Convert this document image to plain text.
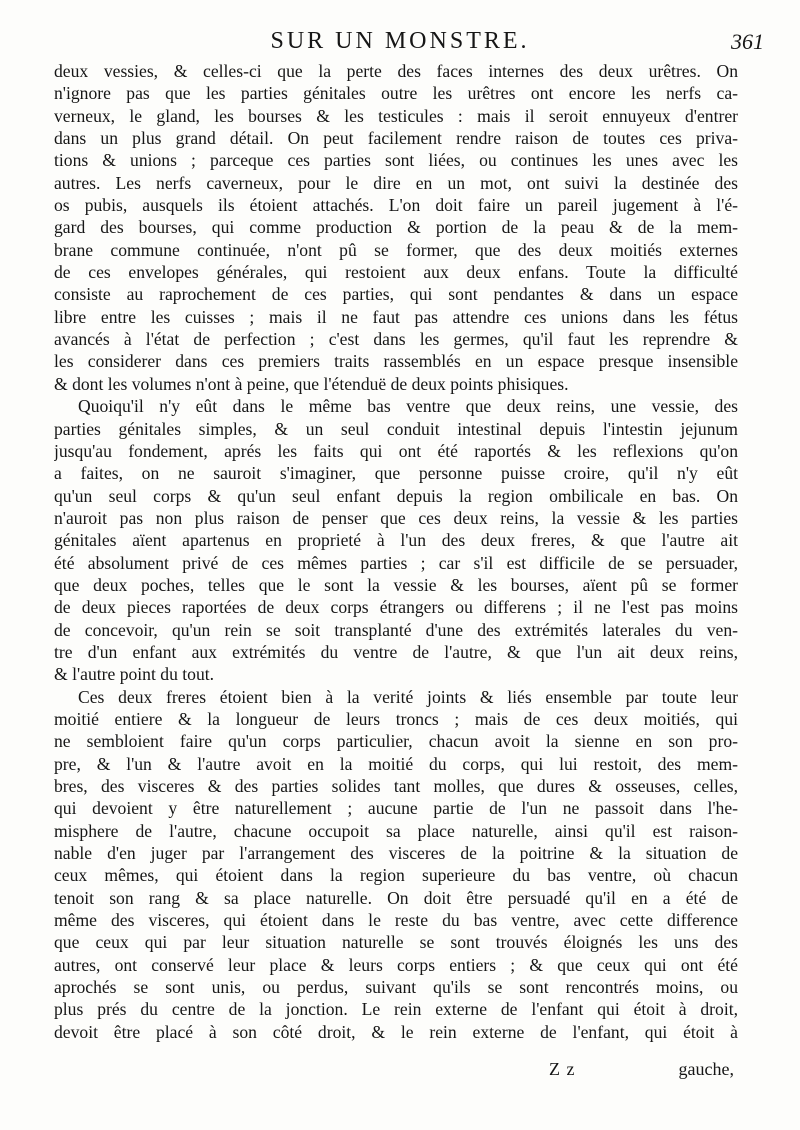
SUR UN MONSTRE.	361
deux vessies, & celles-ci que la perte des faces internes des deux urêtres. On
n'ignore pas que les parties génitales outre les urêtres ont encore les nerfs ca-
verneux, le gland, les bourses & les testicules : mais il seroit ennuyeux d'entrer
dans un plus grand détail. On peut facilement rendre raison de toutes ces priva-
tions & unions ; parceque ces parties sont liées, ou continues les unes avec les
autres. Les nerfs caverneux, pour le dire en un mot, ont suivi la destinée des
os pubis, ausquels ils étoient attachés. L'on doit faire un pareil jugement à l'é-
gard des bourses, qui comme production & portion de la peau & de la mem-
brane commune continuée, n'ont pû se former, que des deux moitiés externes
de ces envelopes générales, qui restoient aux deux enfans. Toute la difficulté
consiste au raprochement de ces parties, qui sont pendantes & dans un espace
libre entre les cuisses ; mais il ne faut pas attendre ces unions dans les fétus
avancés à l'état de perfection ; c'est dans les germes, qu'il faut les reprendre &
les considerer dans ces premiers traits rassemblés en un espace presque insensible
& dont les volumes n'ont à peine, que l'étenduë de deux points phisiques.
Quoiqu'il n'y eût dans le même bas ventre que deux reins, une vessie, des
parties génitales simples, & un seul conduit intestinal depuis l'intestin jejunum
jusqu'au fondement, aprés les faits qui ont été raportés & les reflexions qu'on
a faites, on ne sauroit s'imaginer, que personne puisse croire, qu'il n'y eût
qu'un seul corps & qu'un seul enfant depuis la region ombilicale en bas. On
n'auroit pas non plus raison de penser que ces deux reins, la vessie & les parties
génitales aïent apartenus en proprieté à l'un des deux freres, & que l'autre ait
été absolument privé de ces mêmes parties ; car s'il est difficile de se persuader,
que deux poches, telles que le sont la vessie & les bourses, aïent pû se former
de deux pieces raportées de deux corps étrangers ou differens ; il ne l'est pas moins
de concevoir, qu'un rein se soit transplanté d'une des extrémités laterales du ven-
tre d'un enfant aux extrémités du ventre de l'autre, & que l'un ait deux reins,
& l'autre point du tout.
Ces deux freres étoient bien à la verité joints & liés ensemble par toute leur
moitié entiere & la longueur de leurs troncs ; mais de ces deux moitiés, qui
ne sembloient faire qu'un corps particulier, chacun avoit la sienne en son pro-
pre, & l'un & l'autre avoit en la moitié du corps, qui lui restoit, des mem-
bres, des visceres & des parties solides tant molles, que dures & osseuses, celles,
qui devoient y être naturellement ; aucune partie de l'un ne passoit dans l'he-
misphere de l'autre, chacune occupoit sa place naturelle, ainsi qu'il est raison-
nable d'en juger par l'arrangement des visceres de la poitrine & la situation de
ceux mêmes, qui étoient dans la region superieure du bas ventre, où chacun
tenoit son rang & sa place naturelle. On doit être persuadé qu'il en a été de
même des visceres, qui étoient dans le reste du bas ventre, avec cette difference
que ceux qui par leur situation naturelle se sont trouvés éloignés les uns des
autres, ont conservé leur place & leurs corps entiers ; & que ceux qui ont été
aprochés se sont unis, ou perdus, suivant qu'ils se sont rencontrés moins, ou
plus prés du centre de la jonction. Le rein externe de l'enfant qui étoit à droit,
devoit être placé à son côté droit, & le rein externe de l'enfant, qui étoit à
Z z	gauche,
